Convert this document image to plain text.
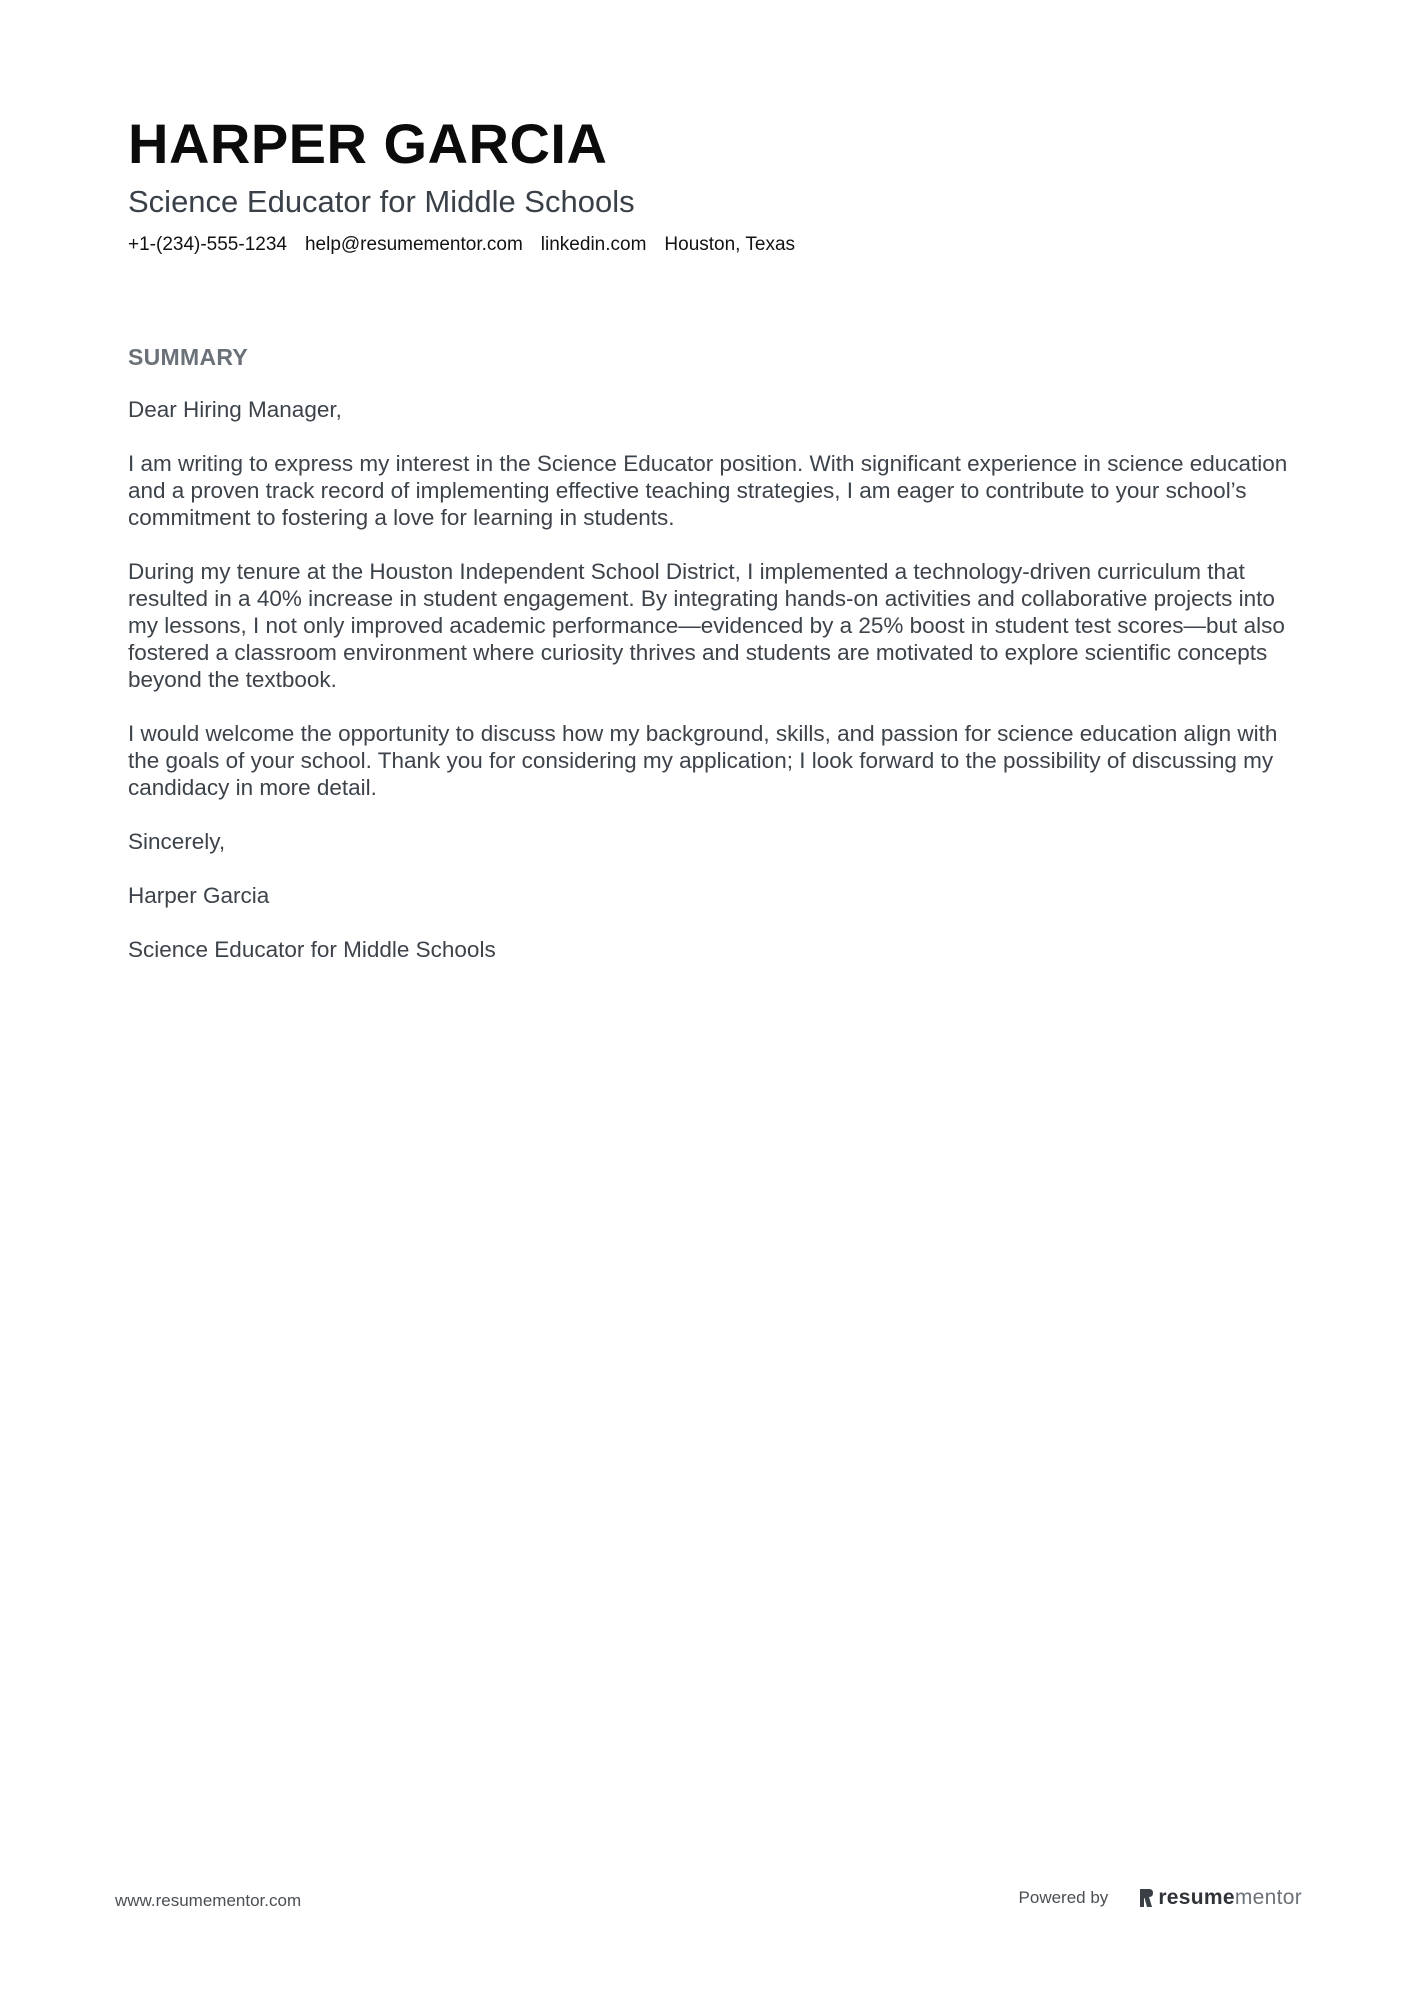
HARPER GARCIA
Science Educator for Middle Schools
+1-(234)-555-1234 help@resumementor.com linkedin.com Houston, Texas
SUMMARY

Dear Hiring Manager,

I am writing to express my interest in the Science Educator position. With significant experience in science education and a proven track record of implementing effective teaching strategies, I am eager to contribute to your school’s commitment to fostering a love for learning in students.

During my tenure at the Houston Independent School District, I implemented a technology-driven curriculum that resulted in a 40% increase in student engagement. By integrating hands-on activities and collaborative projects into my lessons, I not only improved academic performance—evidenced by a 25% boost in student test scores—but also fostered a classroom environment where curiosity thrives and students are motivated to explore scientific concepts beyond the textbook.

I would welcome the opportunity to discuss how my background, skills, and passion for science education align with the goals of your school. Thank you for considering my application; I look forward to the possibility of discussing my candidacy in more detail.

Sincerely,

Harper Garcia

Science Educator for Middle Schools

www.resumementor.com	Powered by resume mentor
